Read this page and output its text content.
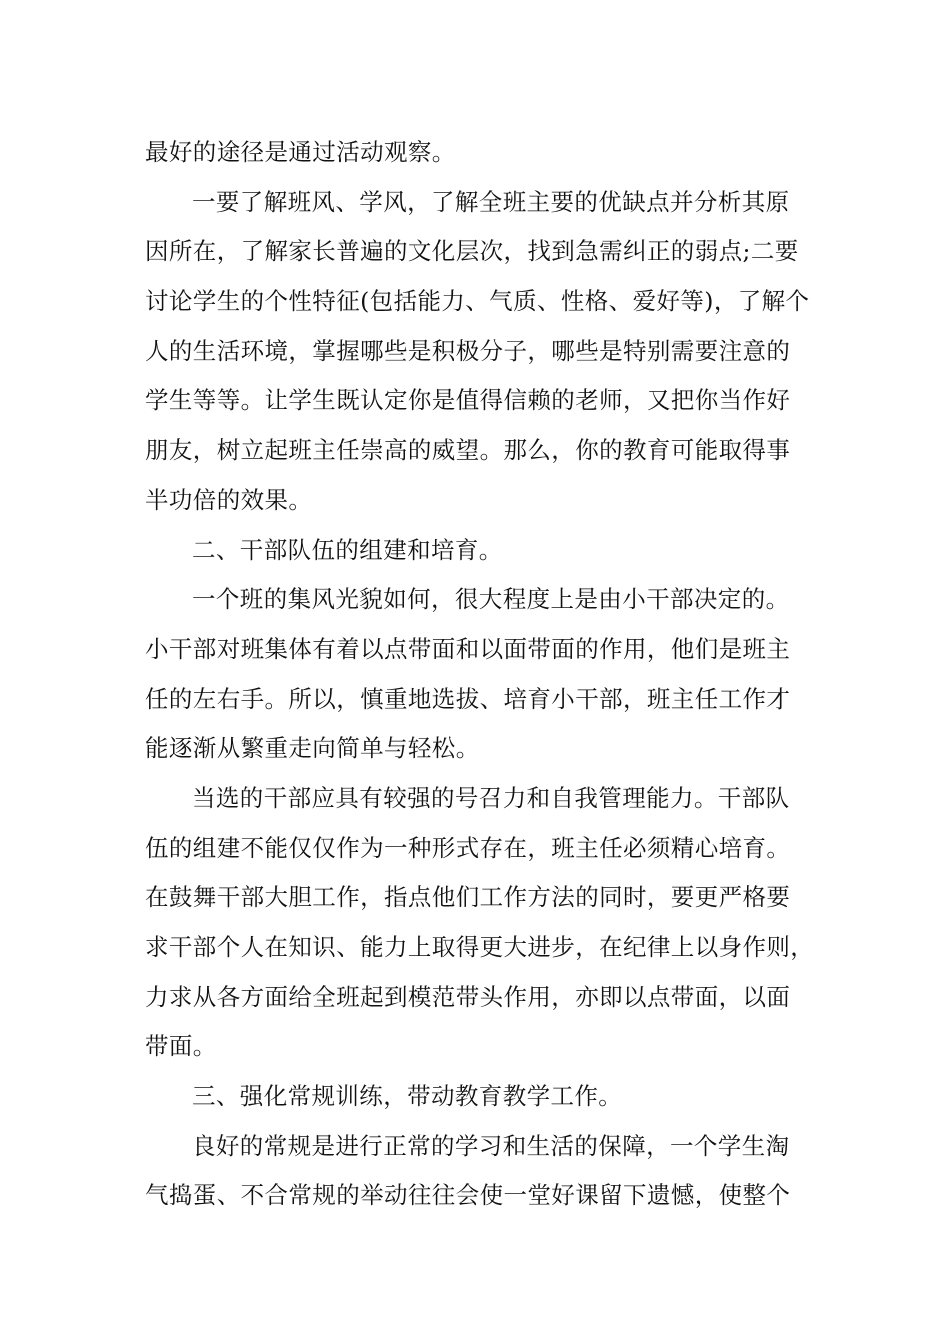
最好的途径是通过活动观察。
一要了解班风、学风，了解全班主要的优缺点并分析其原
因所在，了解家长普遍的文化层次，找到急需纠正的弱点;二要
讨论学生的个性特征(包括能力、气质、性格、爱好等)，了解个
人的生活环境，掌握哪些是积极分子，哪些是特别需要注意的
学生等等。让学生既认定你是值得信赖的老师，又把你当作好
朋友，树立起班主任崇高的威望。那么，你的教育可能取得事
半功倍的效果。
二、干部队伍的组建和培育。
一个班的集风光貌如何，很大程度上是由小干部决定的。
小干部对班集体有着以点带面和以面带面的作用，他们是班主
任的左右手。所以，慎重地选拔、培育小干部，班主任工作才
能逐渐从繁重走向简单与轻松。
当选的干部应具有较强的号召力和自我管理能力。干部队
伍的组建不能仅仅作为一种形式存在，班主任必须精心培育。
在鼓舞干部大胆工作，指点他们工作方法的同时，要更严格要
求干部个人在知识、能力上取得更大进步，在纪律上以身作则，
力求从各方面给全班起到模范带头作用，亦即以点带面，以面
带面。
三、强化常规训练，带动教育教学工作。
良好的常规是进行正常的学习和生活的保障，一个学生淘
气捣蛋、不合常规的举动往往会使一堂好课留下遗憾，使整个
